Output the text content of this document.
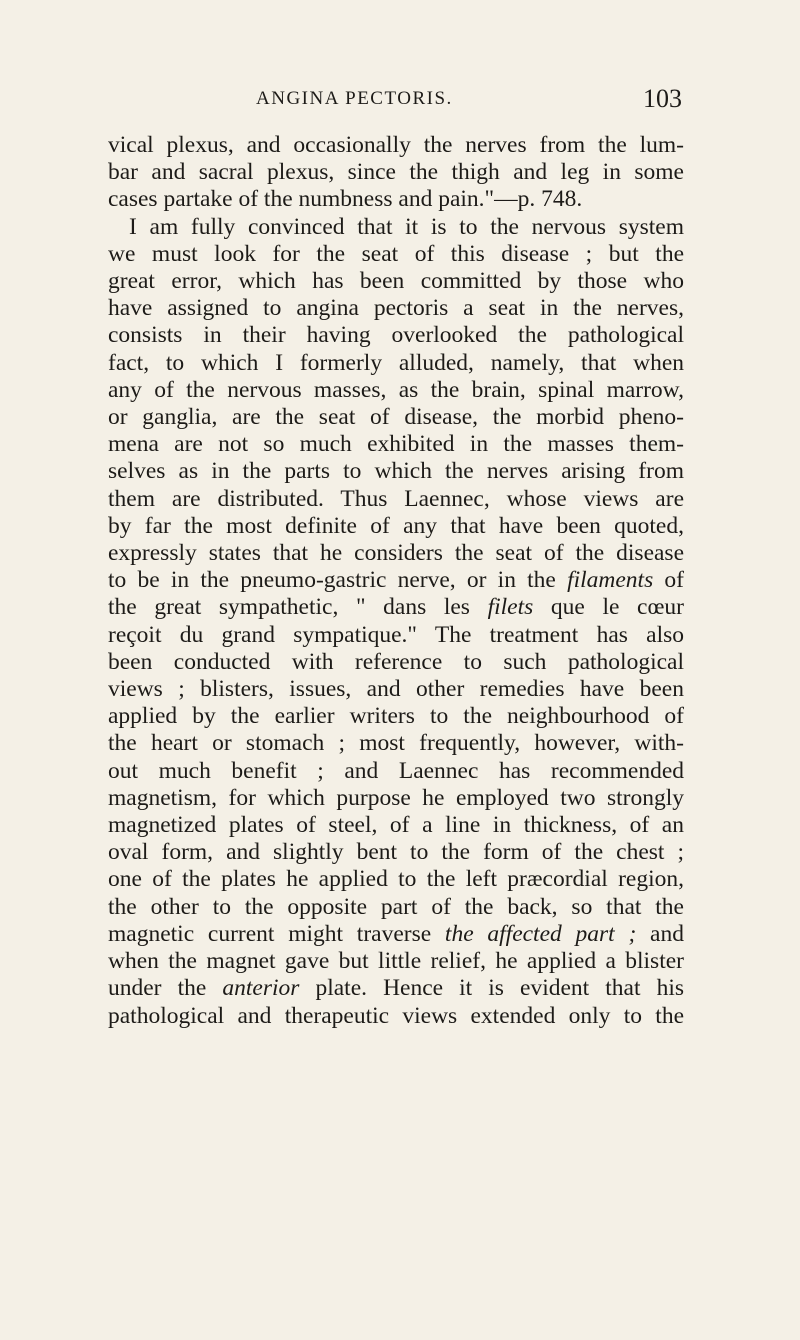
ANGINA PECTORIS.	103
vical plexus, and occasionally the nerves from the lum-
bar and sacral plexus, since the thigh and leg in some
cases partake of the numbness and pain."—p. 748.
I am fully convinced that it is to the nervous system
we must look for the seat of this disease ; but the
great error, which has been committed by those who
have assigned to angina pectoris a seat in the nerves,
consists in their having overlooked the pathological
fact, to which I formerly alluded, namely, that when
any of the nervous masses, as the brain, spinal marrow,
or ganglia, are the seat of disease, the morbid pheno-
mena are not so much exhibited in the masses them-
selves as in the parts to which the nerves arising from
them are distributed. Thus Laennec, whose views are
by far the most definite of any that have been quoted,
expressly states that he considers the seat of the disease
to be in the pneumo-gastric nerve, or in the filaments of
the great sympathetic, " dans les filets que le cœur
reçoit du grand sympatique." The treatment has also
been conducted with reference to such pathological
views ; blisters, issues, and other remedies have been
applied by the earlier writers to the neighbourhood of
the heart or stomach ; most frequently, however, with-
out much benefit ; and Laennec has recommended
magnetism, for which purpose he employed two strongly
magnetized plates of steel, of a line in thickness, of an
oval form, and slightly bent to the form of the chest ;
one of the plates he applied to the left præcordial region,
the other to the opposite part of the back, so that the
magnetic current might traverse the affected part ; and
when the magnet gave but little relief, he applied a blister
under the anterior plate. Hence it is evident that his
pathological and therapeutic views extended only to the
